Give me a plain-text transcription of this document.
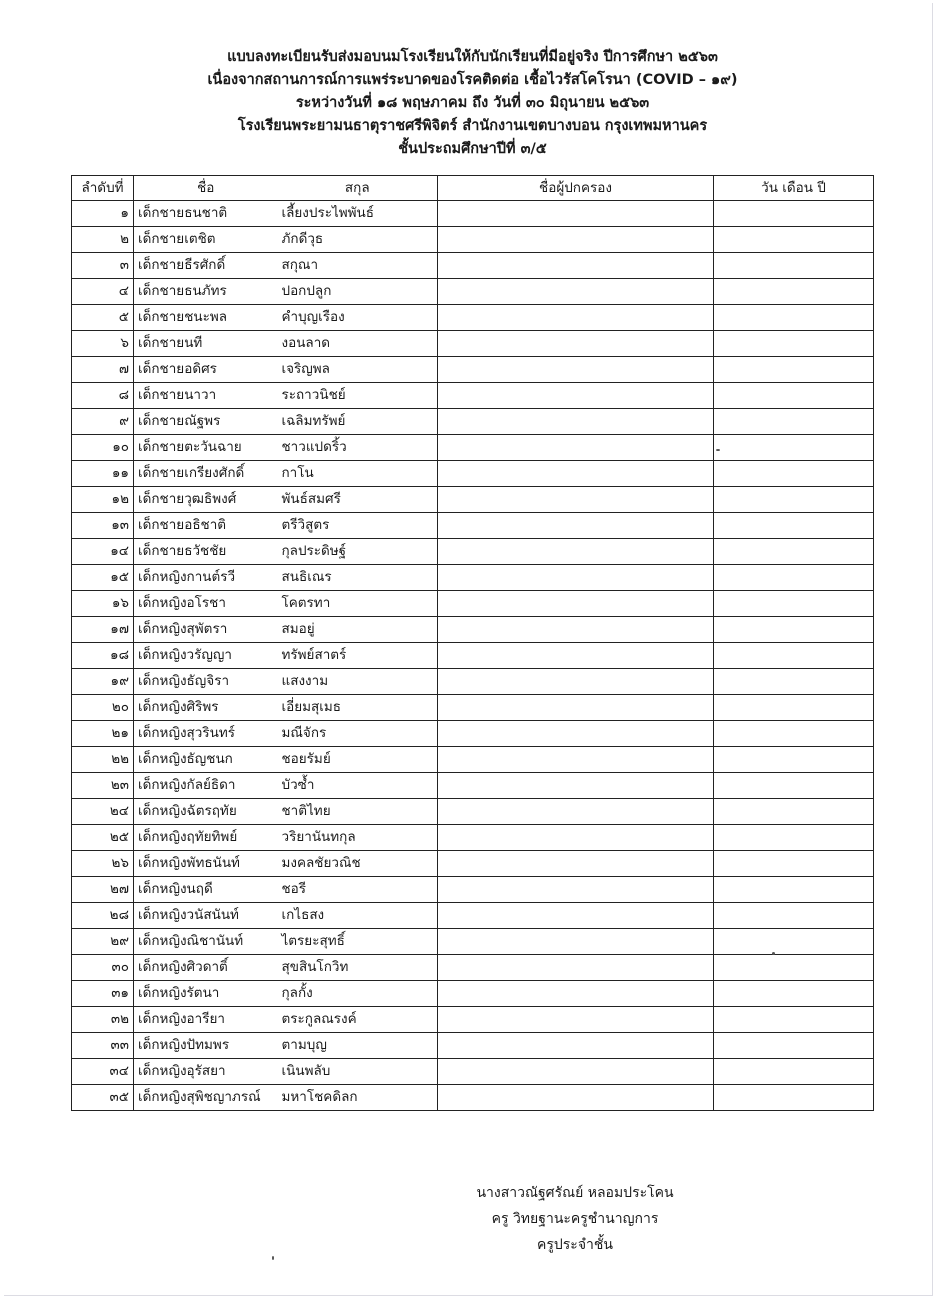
แบบลงทะเบียนรับส่งมอบนมโรงเรียนให้กับนักเรียนที่มีอยู่จริง ปีการศึกษา ๒๕๖๓
เนื่องจากสถานการณ์การแพร่ระบาดของโรคติดต่อ เชื้อไวรัสโคโรนา (COVID – ๑๙)
ระหว่างวันที่ ๑๘ พฤษภาคม ถึง วันที่ ๓๐ มิถุนายน ๒๕๖๓
โรงเรียนพระยามนธาตุราชศรีพิจิตร์ สำนักงานเขตบางบอน กรุงเทพมหานคร
ชั้นประถมศึกษาปีที่ ๓/๕
ลำดับที่	ชื่อ	สกุล	ชื่อผู้ปกครอง	วัน เดือน ปี
๑	เด็กชายธนชาติ	เลี้ยงประไพพันธ์		
๒	เด็กชายเตชิต	ภักดีวุธ		
๓	เด็กชายธีรศักดิ์	สกุณา		
๔	เด็กชายธนภัทร	ปอกปลูก		
๕	เด็กชายชนะพล	คำบุญเรือง		
๖	เด็กชายนที	งอนลาด		
๗	เด็กชายอดิศร	เจริญพล		
๘	เด็กชายนาวา	ระถาวนิชย์		
๙	เด็กชายณัฐพร	เฉลิมทรัพย์		
๑๐	เด็กชายตะวันฉาย	ชาวแปดริ้ว		
๑๑	เด็กชายเกรียงศักดิ์	กาโน		
๑๒	เด็กชายวุฒธิพงศ์	พันธ์สมศรี		
๑๓	เด็กชายอธิชาติ	ตรีวิสูตร		
๑๔	เด็กชายธวัชชัย	กุลประดิษฐ์		
๑๕	เด็กหญิงกานต์รวี	สนธิเณร		
๑๖	เด็กหญิงอโรชา	โคตรทา		
๑๗	เด็กหญิงสุพัตรา	สมอยู่		
๑๘	เด็กหญิงวรัญญา	ทรัพย์สาตร์		
๑๙	เด็กหญิงธัญจิรา	แสงงาม		
๒๐	เด็กหญิงศิริพร	เอี่ยมสุเมธ		
๒๑	เด็กหญิงสุวรินทร์	มณีจักร		
๒๒	เด็กหญิงธัญชนก	ชอยรัมย์		
๒๓	เด็กหญิงกัลย์ธิดา	บัวซ้ำ		
๒๔	เด็กหญิงฉัตรฤทัย	ชาติไทย		
๒๕	เด็กหญิงฤทัยทิพย์	วริยานันทกุล		
๒๖	เด็กหญิงพัทธนันท์	มงคลชัยวณิช		
๒๗	เด็กหญิงนฤดี	ชอรี		
๒๘	เด็กหญิงวนัสนันท์	เกไธสง		
๒๙	เด็กหญิงณิชานันท์	ไตรยะสุทธิ์		
๓๐	เด็กหญิงศิวดาติ์	สุขสินโกวิท		
๓๑	เด็กหญิงรัตนา	กุลกั้ง		
๓๒	เด็กหญิงอารียา	ตระกูลณรงค์		
๓๓	เด็กหญิงปัทมพร	ตามบุญ		
๓๔	เด็กหญิงอุรัสยา	เนินพลับ		
๓๕	เด็กหญิงสุพิชญาภรณ์	มหาโชคดิลก		
นางสาวณัฐศรัณย์ หลอมประโคน
ครู วิทยฐานะครูชำนาญการ
ครูประจำชั้น
